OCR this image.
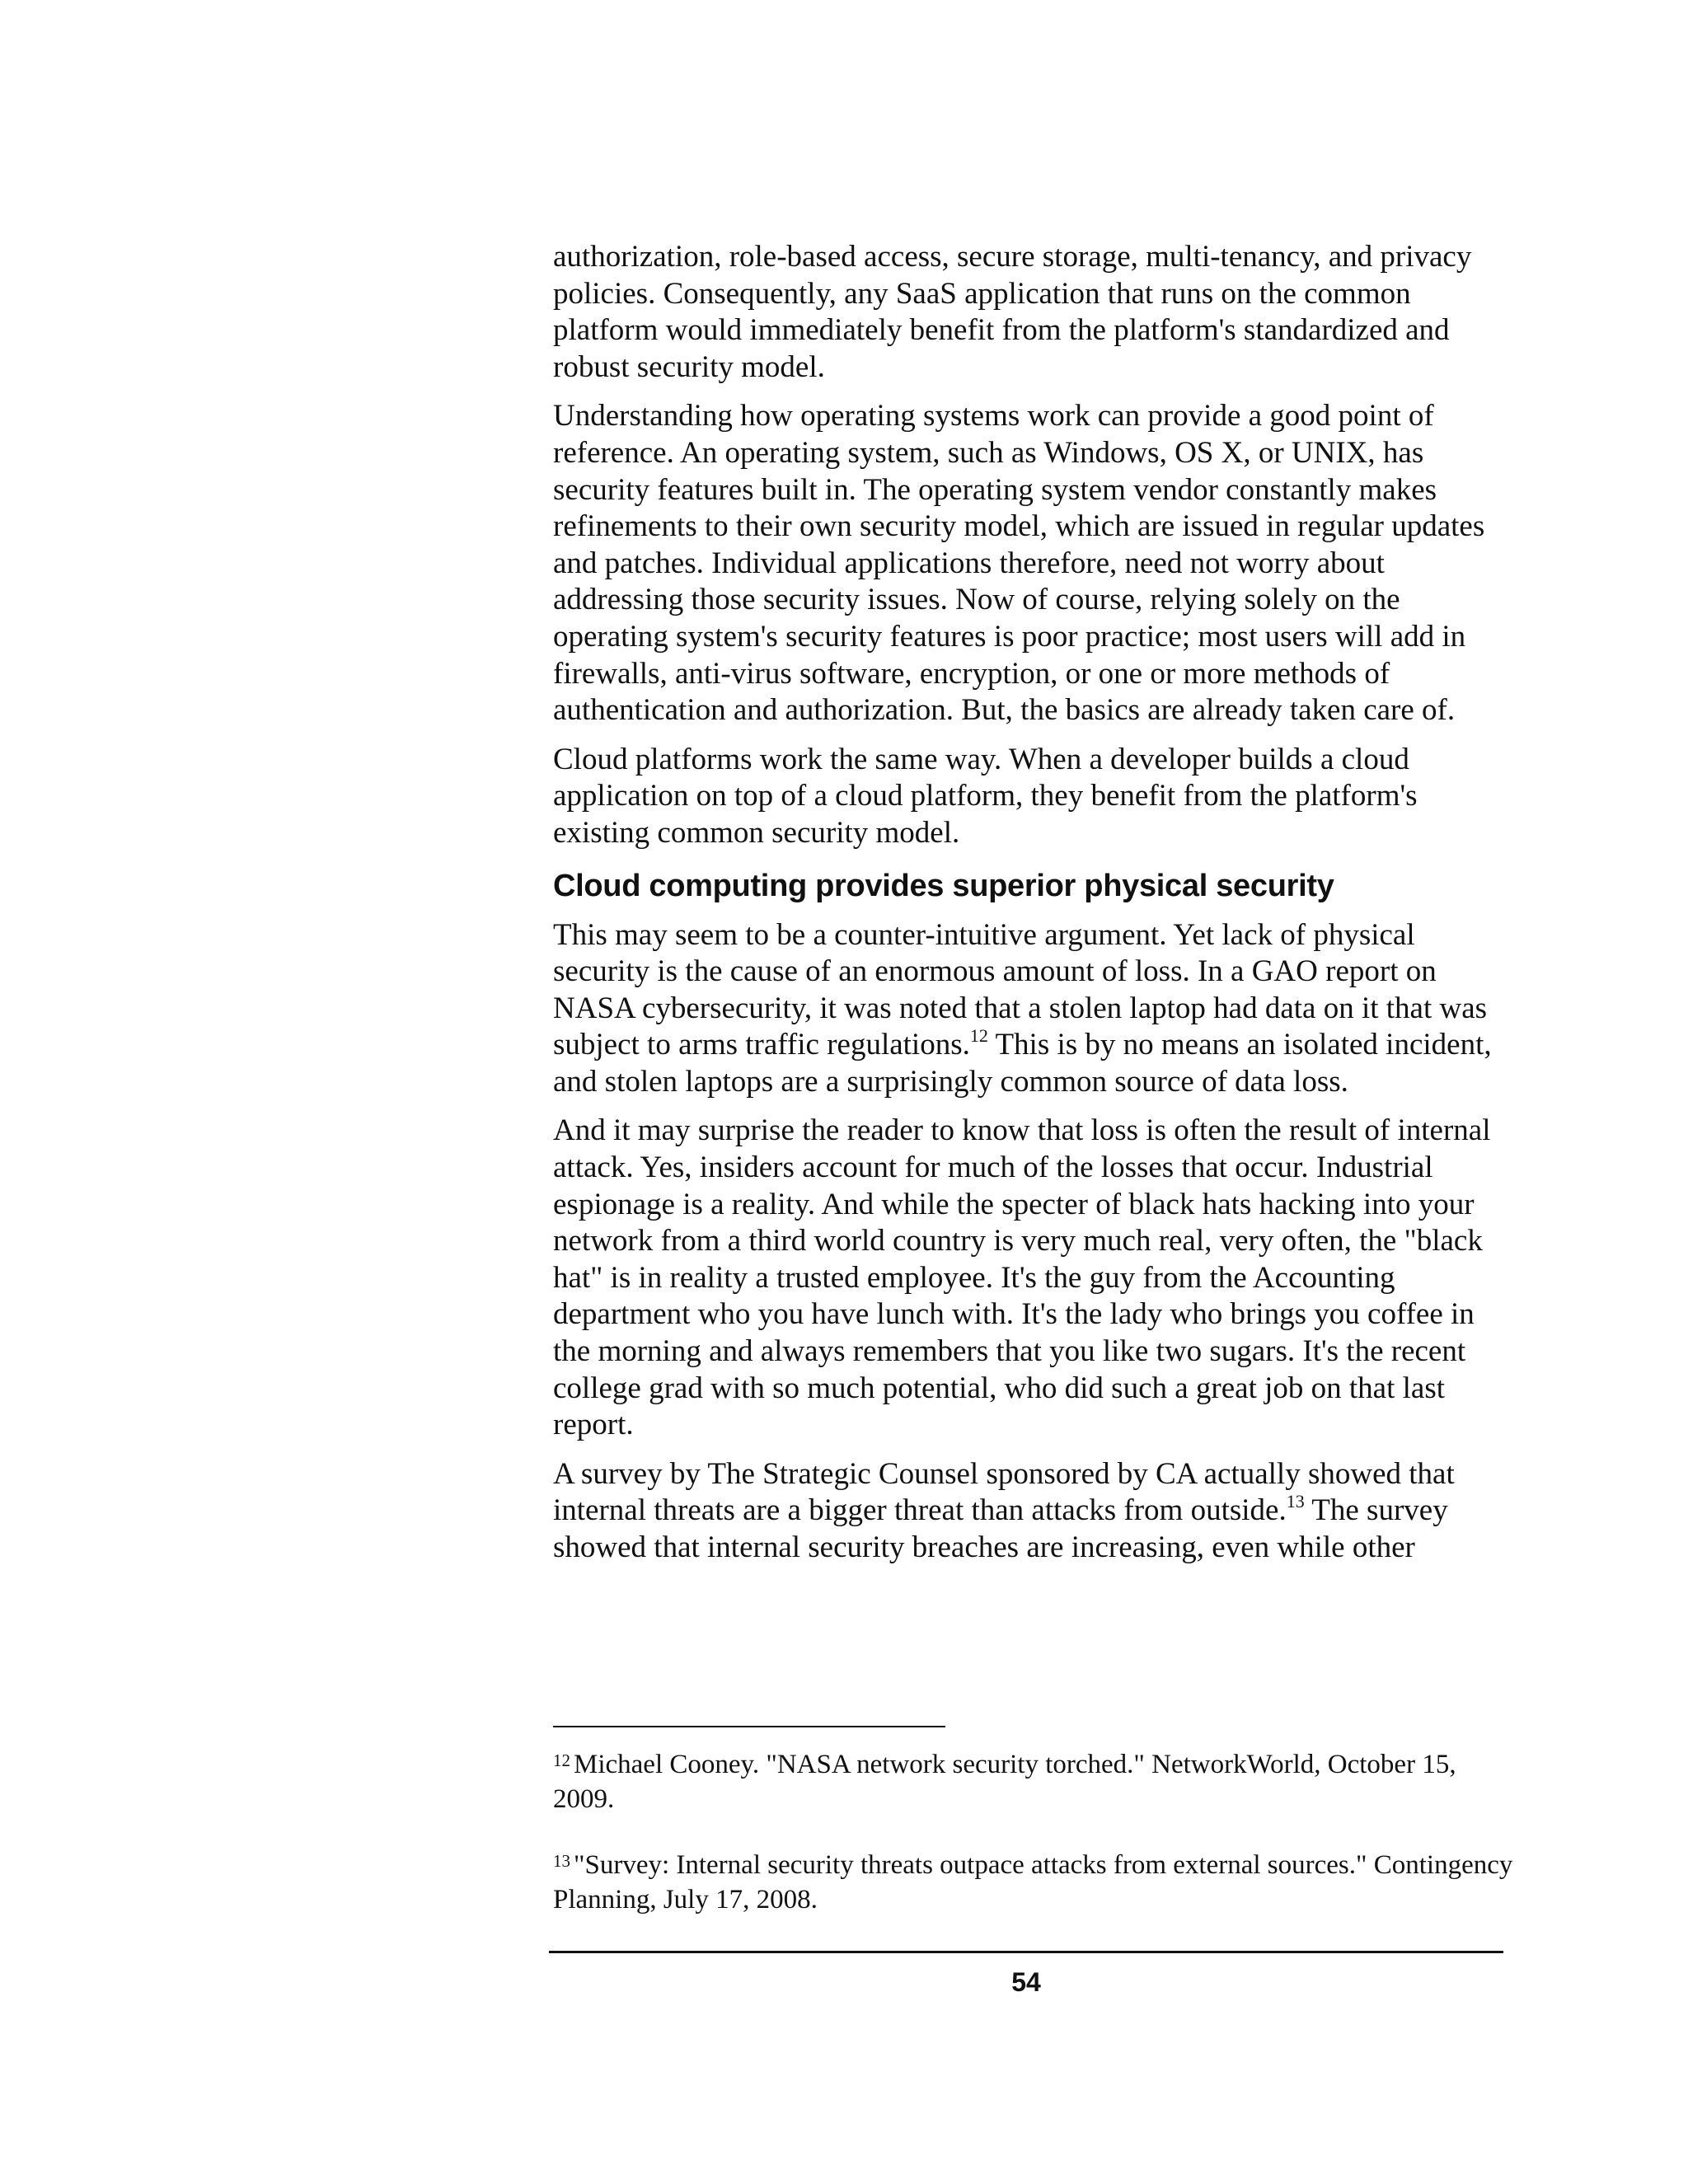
authorization, role-based access, secure storage, multi-tenancy, and privacy policies. Consequently, any SaaS application that runs on the common platform would immediately benefit from the platform's standardized and robust security model.

Understanding how operating systems work can provide a good point of reference. An operating system, such as Windows, OS X, or UNIX, has security features built in. The operating system vendor constantly makes refinements to their own security model, which are issued in regular updates and patches. Individual applications therefore, need not worry about addressing those security issues. Now of course, relying solely on the operating system's security features is poor practice; most users will add in firewalls, anti-virus software, encryption, or one or more methods of authentication and authorization. But, the basics are already taken care of.

Cloud platforms work the same way. When a developer builds a cloud application on top of a cloud platform, they benefit from the platform's existing common security model.

Cloud computing provides superior physical security

This may seem to be a counter-intuitive argument. Yet lack of physical security is the cause of an enormous amount of loss. In a GAO report on NASA cybersecurity, it was noted that a stolen laptop had data on it that was subject to arms traffic regulations.$^{12}$ This is by no means an isolated incident, and stolen laptops are a surprisingly common source of data loss.

And it may surprise the reader to know that loss is often the result of internal attack. Yes, insiders account for much of the losses that occur. Industrial espionage is a reality. And while the specter of black hats hacking into your network from a third world country is very much real, very often, the "black hat" is in reality a trusted employee. It's the guy from the Accounting department who you have lunch with. It's the lady who brings you coffee in the morning and always remembers that you like two sugars. It's the recent college grad with so much potential, who did such a great job on that last report.

A survey by The Strategic Counsel sponsored by CA actually showed that internal threats are a bigger threat than attacks from outside.$^{13}$ The survey showed that internal security breaches are increasing, even while other

$^{12}$ Michael Cooney. "NASA network security torched." NetworkWorld, October 15, 2009.

$^{13}$ "Survey: Internal security threats outpace attacks from external sources." Contingency Planning, July 17, 2008.

54
